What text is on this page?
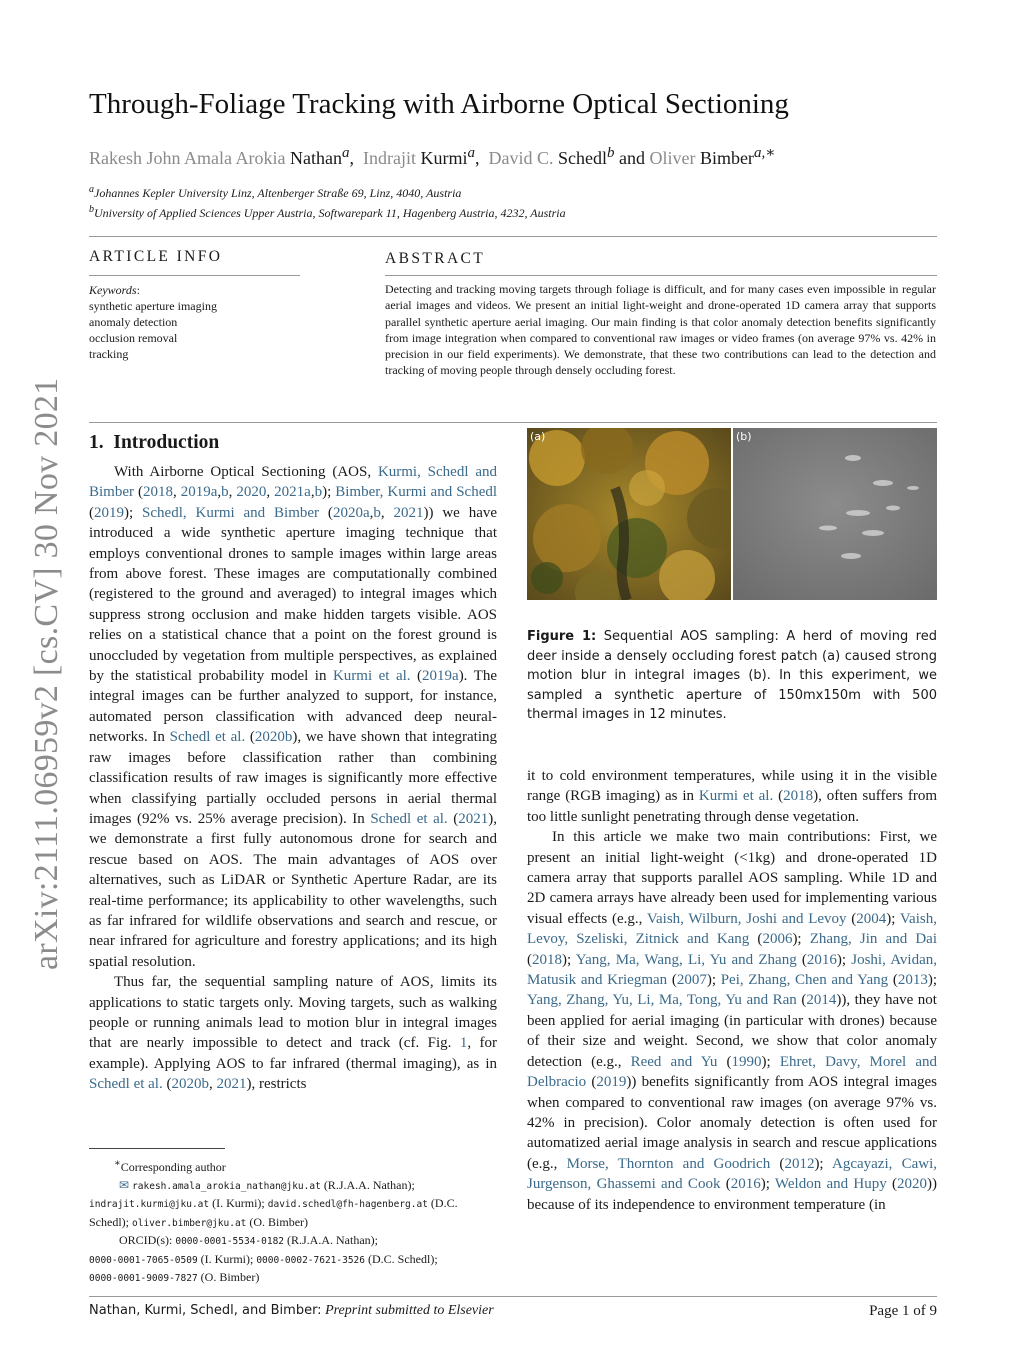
arXiv:2111.06959v2 [cs.CV] 30 Nov 2021
Through-Foliage Tracking with Airborne Optical Sectioning
Rakesh John Amala Arokia Nathan$^a$, Indrajit Kurmi$^a$, David C. Schedl$^b$ and Oliver Bimber$^{a,∗}$
$^a$Johannes Kepler University Linz, Altenberger Straße 69, Linz, 4040, Austria
$^b$University of Applied Sciences Upper Austria, Softwarepark 11, Hagenberg Austria, 4232, Austria
ARTICLE INFO
Keywords:
synthetic aperture imaging
anomaly detection
occlusion removal
tracking
ABSTRACT
Detecting and tracking moving targets through foliage is difficult, and for many cases even impossible in regular aerial images and videos. We present an initial light-weight and drone-operated 1D camera array that supports parallel synthetic aperture aerial imaging. Our main finding is that color anomaly detection benefits significantly from image integration when compared to conventional raw images or video frames (on average 97% vs. 42% in precision in our field experiments). We demonstrate, that these two contributions can lead to the detection and tracking of moving people through densely occluding forest.
1. Introduction

With Airborne Optical Sectioning (AOS, Kurmi, Schedl and Bimber (2018, 2019a,b, 2020, 2021a,b); Bimber, Kurmi and Schedl (2019); Schedl, Kurmi and Bimber (2020a,b, 2021)) we have introduced a wide synthetic aperture imaging technique that employs conventional drones to sample images within large areas from above forest. These images are computationally combined (registered to the ground and averaged) to integral images which suppress strong occlusion and make hidden targets visible. AOS relies on a statistical chance that a point on the forest ground is unoccluded by vegetation from multiple perspectives, as explained by the statistical probability model in Kurmi et al. (2019a). The integral images can be further analyzed to support, for instance, automated person classification with advanced deep neural-networks. In Schedl et al. (2020b), we have shown that integrating raw images before classification rather than combining classification results of raw images is significantly more effective when classifying partially occluded persons in aerial thermal images (92% vs. 25% average precision). In Schedl et al. (2021), we demonstrate a first fully autonomous drone for search and rescue based on AOS. The main advantages of AOS over alternatives, such as LiDAR or Synthetic Aperture Radar, are its real-time performance; its applicability to other wavelengths, such as far infrared for wildlife observations and search and rescue, or near infrared for agriculture and forestry applications; and its high spatial resolution.

Thus far, the sequential sampling nature of AOS, limits its applications to static targets only. Moving targets, such as walking people or running animals lead to motion blur in integral images that are nearly impossible to detect and track (cf. Fig. 1, for example). Applying AOS to far infrared (thermal imaging), as in Schedl et al. (2020b, 2021), restricts

(a)	(b)
Figure 1: Sequential AOS sampling: A herd of moving red deer inside a densely occluding forest patch (a) caused strong motion blur in integral images (b). In this experiment, we sampled a synthetic aperture of 150mx150m with 500 thermal images in 12 minutes.

it to cold environment temperatures, while using it in the visible range (RGB imaging) as in Kurmi et al. (2018), often suffers from too little sunlight penetrating through dense vegetation.

In this article we make two main contributions: First, we present an initial light-weight (<1kg) and drone-operated 1D camera array that supports parallel AOS sampling. While 1D and 2D camera arrays have already been used for implementing various visual effects (e.g., Vaish, Wilburn, Joshi and Levoy (2004); Vaish, Levoy, Szeliski, Zitnick and Kang (2006); Zhang, Jin and Dai (2018); Yang, Ma, Wang, Li, Yu and Zhang (2016); Joshi, Avidan, Matusik and Kriegman (2007); Pei, Zhang, Chen and Yang (2013); Yang, Zhang, Yu, Li, Ma, Tong, Yu and Ran (2014)), they have not been applied for aerial imaging (in particular with drones) because of their size and weight. Second, we show that color anomaly detection (e.g., Reed and Yu (1990); Ehret, Davy, Morel and Delbracio (2019)) benefits significantly from AOS integral images when compared to conventional raw images (on average 97% vs. 42% in precision). Color anomaly detection is often used for automatized aerial image analysis in search and rescue applications (e.g., Morse, Thornton and Goodrich (2012); Agcayazi, Cawi, Jurgenson, Ghassemi and Cook (2016); Weldon and Hupy (2020)) because of its independence to environment temperature (in

∗Corresponding author
✉ rakesh.amala_arokia_nathan@jku.at (R.J.A.A. Nathan);
indrajit.kurmi@jku.at (I. Kurmi); david.schedl@fh-hagenberg.at (D.C. Schedl); oliver.bimber@jku.at (O. Bimber)
ORCID(s): 0000-0001-5534-0182 (R.J.A.A. Nathan);
0000-0001-7065-0509 (I. Kurmi); 0000-0002-7621-3526 (D.C. Schedl);
0000-0001-9009-7827 (O. Bimber)
Nathan, Kurmi, Schedl, and Bimber: Preprint submitted to Elsevier	Page 1 of 9
